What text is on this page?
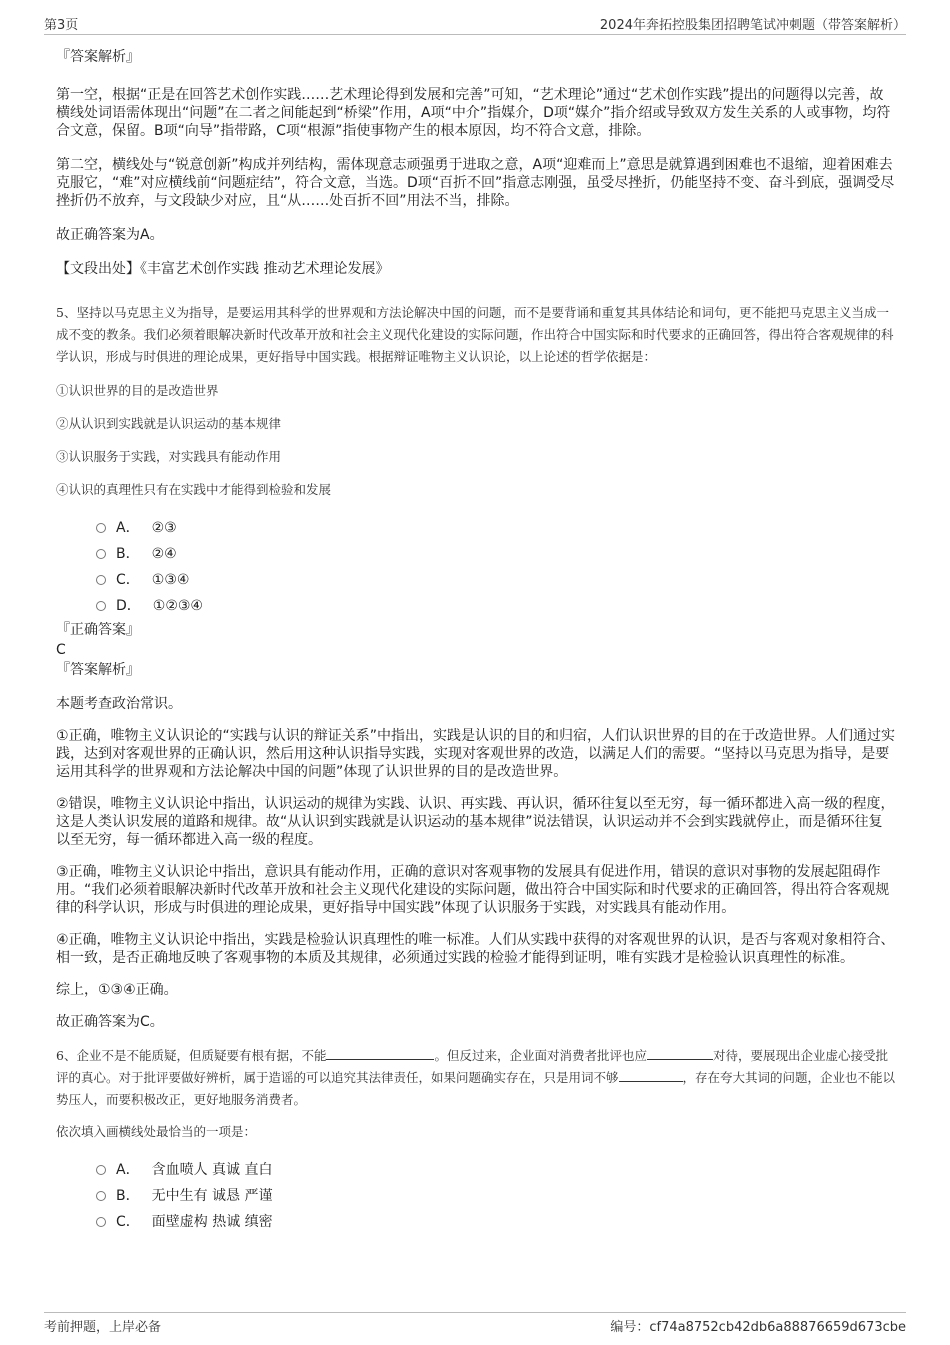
第3页	2024年奔拓控股集团招聘笔试冲刺题（带答案解析）

『答案解析』

第一空，根据“正是在回答艺术创作实践……艺术理论得到发展和完善”可知，“艺术理论”通过“艺术创作实践”提出的问题得以完善，故横线处词语需体现出“问题”在二者之间能起到“桥梁”作用，A项“中介”指媒介，D项“媒介”指介绍或导致双方发生关系的人或事物，均符合文意，保留。B项“向导”指带路，C项“根源”指使事物产生的根本原因，均不符合文意，排除。

第二空，横线处与“锐意创新”构成并列结构，需体现意志顽强勇于进取之意，A项“迎难而上”意思是就算遇到困难也不退缩，迎着困难去克服它，“难”对应横线前“问题症结”，符合文意，当选。D项“百折不回”指意志刚强，虽受尽挫折，仍能坚持不变、奋斗到底，强调受尽挫折仍不放弃，与文段缺少对应，且“从……处百折不回”用法不当，排除。

故正确答案为A。

【文段出处】《丰富艺术创作实践 推动艺术理论发展》

5、坚持以马克思主义为指导，是要运用其科学的世界观和方法论解决中国的问题，而不是要背诵和重复其具体结论和词句，更不能把马克思主义当成一成不变的教条。我们必须着眼解决新时代改革开放和社会主义现代化建设的实际问题，作出符合中国实际和时代要求的正确回答，得出符合客观规律的科学认识，形成与时俱进的理论成果，更好指导中国实践。根据辩证唯物主义认识论，以上论述的哲学依据是：

①认识世界的目的是改造世界

②从认识到实践就是认识运动的基本规律

③认识服务于实践，对实践具有能动作用

④认识的真理性只有在实践中才能得到检验和发展

A． ②③
B． ②④
C． ①③④
D． ①②③④

『正确答案』

C

『答案解析』

本题考查政治常识。

①正确，唯物主义认识论的“实践与认识的辩证关系”中指出，实践是认识的目的和归宿，人们认识世界的目的在于改造世界。人们通过实践，达到对客观世界的正确认识，然后用这种认识指导实践，实现对客观世界的改造，以满足人们的需要。“坚持以马克思为指导，是要运用其科学的世界观和方法论解决中国的问题”体现了认识世界的目的是改造世界。

②错误，唯物主义认识论中指出，认识运动的规律为实践、认识、再实践、再认识，循环往复以至无穷，每一循环都进入高一级的程度，这是人类认识发展的道路和规律。故“从认识到实践就是认识运动的基本规律”说法错误，认识运动并不会到实践就停止，而是循环往复以至无穷，每一循环都进入高一级的程度。

③正确，唯物主义认识论中指出，意识具有能动作用，正确的意识对客观事物的发展具有促进作用，错误的意识对事物的发展起阻碍作用。“我们必须着眼解决新时代改革开放和社会主义现代化建设的实际问题，做出符合中国实际和时代要求的正确回答，得出符合客观规律的科学认识，形成与时俱进的理论成果，更好指导中国实践”体现了认识服务于实践，对实践具有能动作用。

④正确，唯物主义认识论中指出，实践是检验认识真理性的唯一标准。人们从实践中获得的对客观世界的认识，是否与客观对象相符合、相一致，是否正确地反映了客观事物的本质及其规律，必须通过实践的检验才能得到证明，唯有实践才是检验认识真理性的标准。

综上，①③④正确。

故正确答案为C。

6、企业不是不能质疑，但质疑要有根有据，不能	。但反过来，企业面对消费者批评也应	对待，要展现出企业虚心接受批评的真心。对于批评要做好辨析，属于造谣的可以追究其法律责任，如果问题确实存在，只是用词不够	，存在夸大其词的问题，企业也不能以势压人，而要积极改正，更好地服务消费者。

依次填入画横线处最恰当的一项是：

A． 含血喷人 真诚 直白
B． 无中生有 诚恳 严谨
C． 面壁虚构 热诚 缜密
考前押题，上岸必备	编号：cf74a8752cb42db6a88876659d673cbe
